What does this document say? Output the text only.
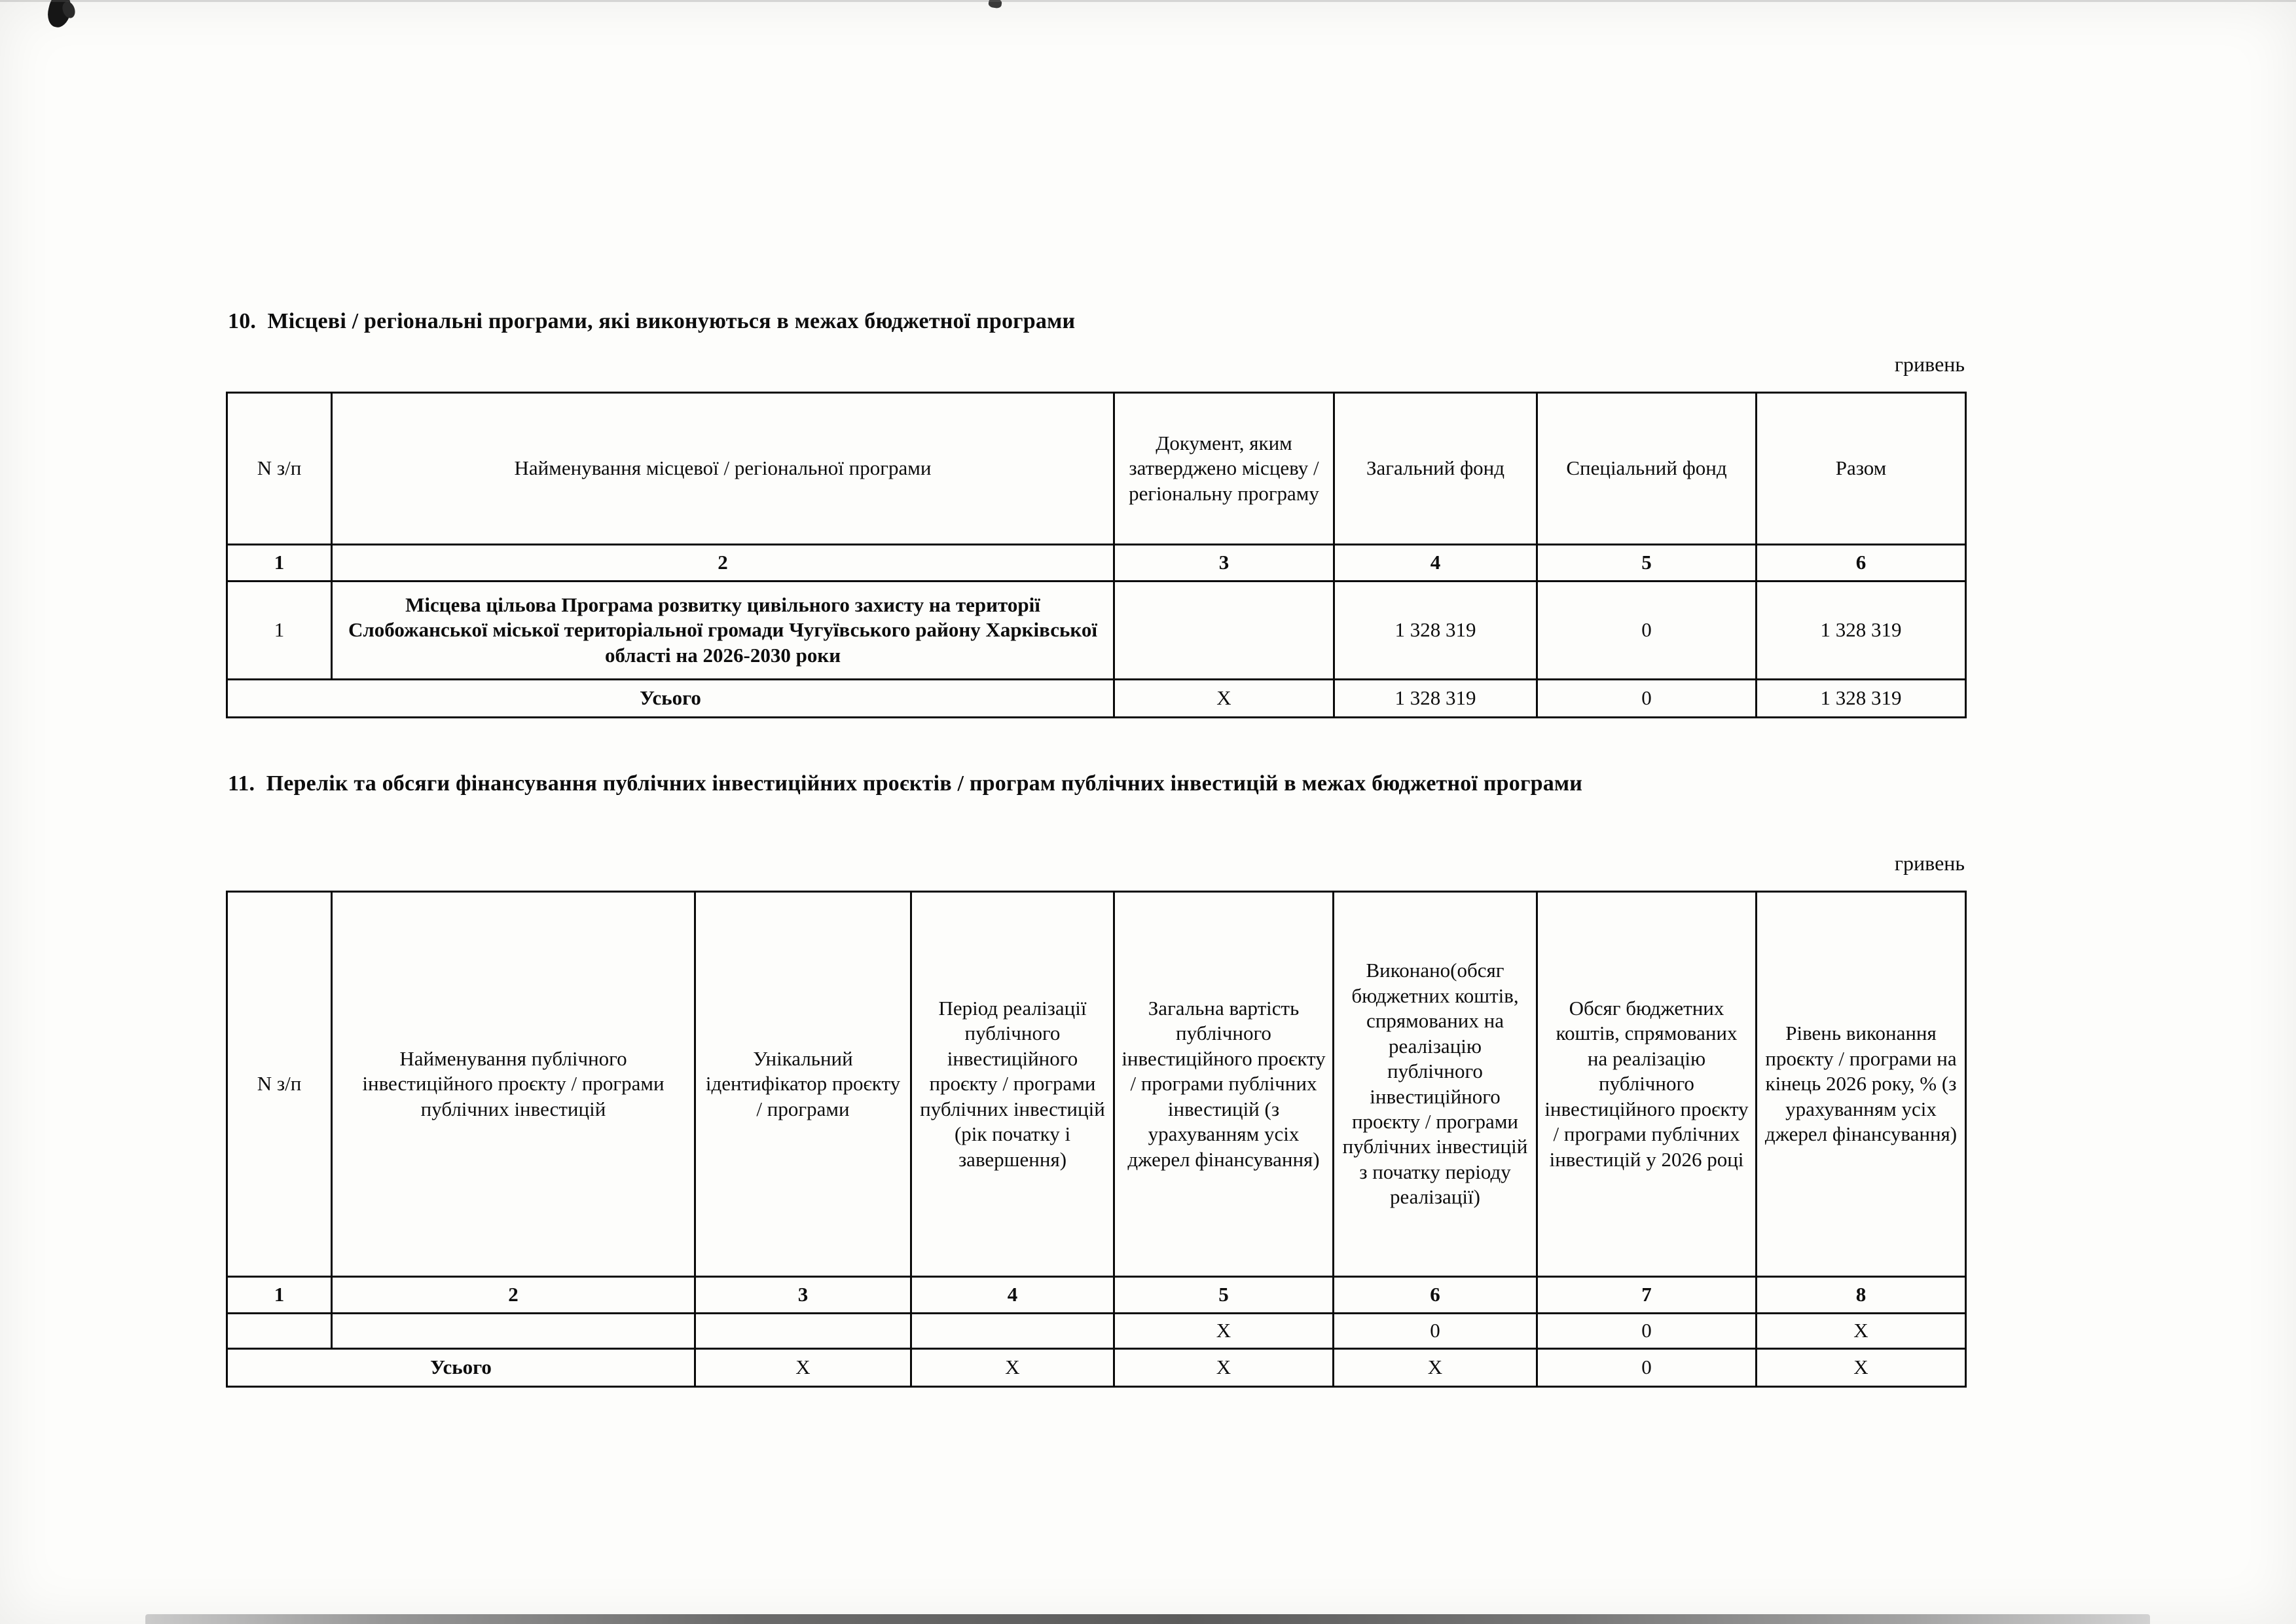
10.  Місцеві / регіональні програми, які виконуються в межах бюджетної програми
гривень
N з/п	Найменування місцевої / регіональної програми	Документ, яким затверджено місцеву / регіональну програму	Загальний фонд	Спеціальний фонд	Разом
1	2	3	4	5	6
1	Місцева цільова Програма розвитку цивільного захисту на території Слобожанської міської територіальної громади Чугуївського району Харківської області на 2026-2030 роки		1 328 319	0	1 328 319
Усього		X	1 328 319	0	1 328 319
11.  Перелік та обсяги фінансування публічних інвестиційних проєктів / програм публічних інвестицій в межах бюджетної програми
гривень
N з/п	Найменування публічного інвестиційного проєкту / програми публічних інвестицій	Унікальний ідентифікатор проєкту / програми	Період реалізації публічного інвестиційного проєкту / програми публічних інвестицій (рік початку і завершення)	Загальна вартість публічного інвестиційного проєкту / програми публічних інвестицій (з урахуванням усіх джерел фінансування)	Виконано(обсяг бюджетних коштів, спрямованих на реалізацію публічного інвестиційного проєкту / програми публічних інвестицій з початку періоду реалізації)	Обсяг бюджетних коштів, спрямованих на реалізацію публічного інвестиційного проєкту / програми публічних інвестицій у 2026 році	Рівень виконання проєкту / програми на кінець 2026 року, % (з урахуванням усіх джерел фінансування)
1	2	3	4	5	6	7	8
				X	0	0	X
Усього		X	X	X	X	0	X
